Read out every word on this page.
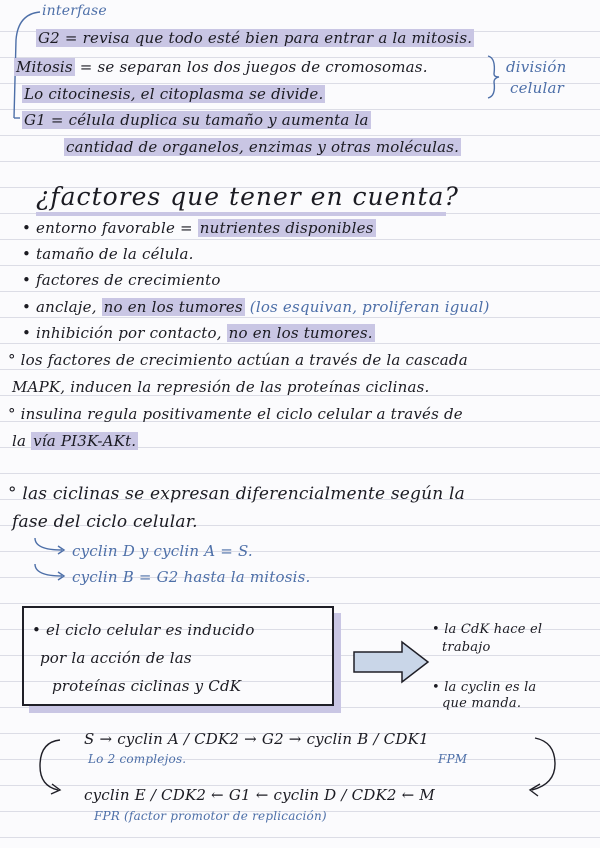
interfase
G2 = revisa que todo esté bien para entrar a la mitosis.
Mitosis = se separan los dos juegos de cromosomas.
Lo citocinesis, el citoplasma se divide.
división
celular
G1 = célula duplica su tamaño y aumenta la
cantidad de organelos, enzimas y otras moléculas.
¿factores que tener en cuenta?
• entorno favorable = nutrientes disponibles
• tamaño de la célula.
• factores de crecimiento
• anclaje, no en los tumores (los esquivan, proliferan igual)
• inhibición por contacto, no en los tumores.
° los factores de crecimiento actúan a través de la cascada
MAPK, inducen la represión de las proteínas ciclinas.
° insulina regula positivamente el ciclo celular a través de
la vía PI3K-AKt.
° las ciclinas se expresan diferencialmente según la
fase del ciclo celular.
cyclin D y cyclin A = S.
cyclin B = G2 hasta la mitosis.
• el ciclo celular es inducido
por la acción de las
proteínas ciclinas y CdK
• la CdK hace el
trabajo
• la cyclin es la
que manda.
S → cyclin A / CDK2 → G2 → cyclin B / CDK1
Lo 2 complejos.	FPM
cyclin E / CDK2 ← G1 ← cyclin D / CDK2 ← M
FPR (factor promotor de replicación)
